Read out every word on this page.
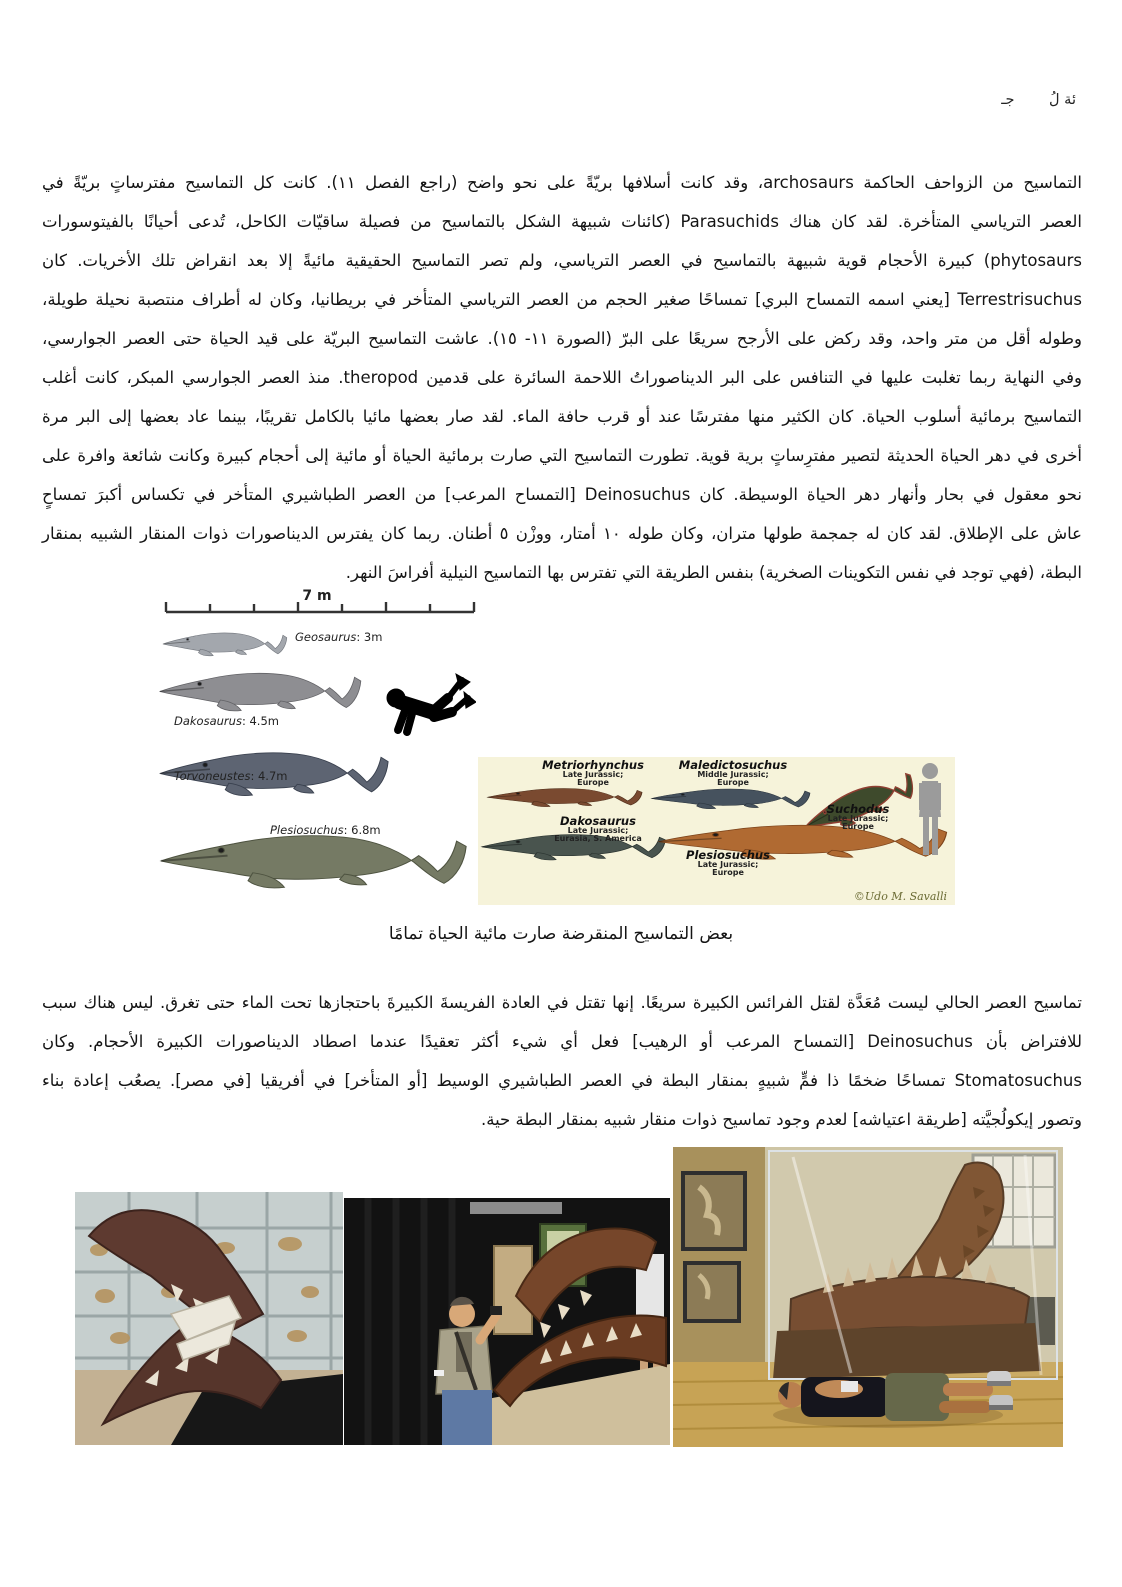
ئة لُ جـ
التماسيح من الزواحف الحاكمة archosaurs، وقد كانت أسلافها بريّةً على نحو واضح (راجع الفصل ١١). كانت كل التماسيح مفترساتٍ بريّةً في
العصر الترياسي المتأخرة. لقد كان هناك Parasuchids (كائنات شبيهة الشكل بالتماسيح من فصيلة ساقيّات الكاحل، تُدعى أحيانًا بالفيتوسورات
phytosaurs) كبيرة الأحجام قوية شبيهة بالتماسيح في العصر الترياسي، ولم تصر التماسيح الحقيقية مائيةً إلا بعد انقراض تلك الأخريات. كان
Terrestrisuchus [يعني اسمه التمساح البري] تمساحًا صغير الحجم من العصر الترياسي المتأخر في بريطانيا، وكان له أطراف منتصبة نحيلة طويلة،
وطوله أقل من متر واحد، وقد ركض على الأرجح سريعًا على البرّ (الصورة ١١- ١٥). عاشت التماسيح البريّة على قيد الحياة حتى العصر الجوارسي،
وفي النهاية ربما تغلبت عليها في التنافس على البر الديناصوراتُ اللاحمة السائرة على قدمين theropod. منذ العصر الجوارسي المبكر، كانت أغلب
التماسيح برمائية أسلوب الحياة. كان الكثير منها مفترسًا عند أو قرب حافة الماء. لقد صار بعضها مائيا بالكامل تقريبًا، بينما عاد بعضها إلى البر مرة
أخرى في دهر الحياة الحديثة لتصير مفترِساتٍ برية قوية. تطورت التماسيح التي صارت برمائية الحياة أو مائية إلى أحجام كبيرة وكانت شائعة وافرة على
نحو معقول في بحار وأنهار دهر الحياة الوسيطة. كان Deinosuchus [التمساح المرعب] من العصر الطباشيري المتأخر في تكساس أكبرَ تمساحٍ
عاش على الإطلاق. لقد كان له جمجمة طولها متران، وكان طوله ١٠ أمتار، ووزْن ٥ أطنان. ربما كان يفترس الديناصورات ذوات المنقار الشبيه بمنقار
البطة، (فهي توجد في نفس التكوينات الصخرية) بنفس الطريقة التي تفترس بها التماسيح النيلية أفراسَ النهر.
7 m
Geosaurus: 3m
Dakosaurus: 4.5m
Torvoneustes: 4.7m
Plesiosuchus: 6.8m
Metriorhynchus
Late Jurassic;
Europe
Maledictosuchus
Middle Jurassic;
Europe
Suchodus
Late Jurassic;
Europe
Dakosaurus
Late Jurassic;
Eurasia, S. America
Plesiosuchus
Late Jurassic;
Europe
©Udo M. Savalli
بعض التماسيح المنقرضة صارت مائية الحياة تمامًا
تماسيح العصر الحالي ليست مُعَدَّة لقتل الفرائس الكبيرة سريعًا. إنها تقتل في العادة الفريسةَ الكبيرةَ باحتجازها تحت الماء حتى تغرق. ليس هناك سبب
للافتراض بأن Deinosuchus [التمساح المرعب أو الرهيب] فعل أي شيء أكثر تعقيدًا عندما اصطاد الديناصورات الكبيرة الأحجام. وكان
Stomatosuchus تمساحًا ضخمًا ذا فمٍّ شبيهٍ بمنقار البطة في العصر الطباشيري الوسيط [أو المتأخر] في أفريقيا [في مصر]. يصعُب إعادة بناء
وتصور إيكولُجيَّته [طريقة اعتياشه] لعدم وجود تماسيح ذوات منقار شبيه بمنقار البطة حية.
